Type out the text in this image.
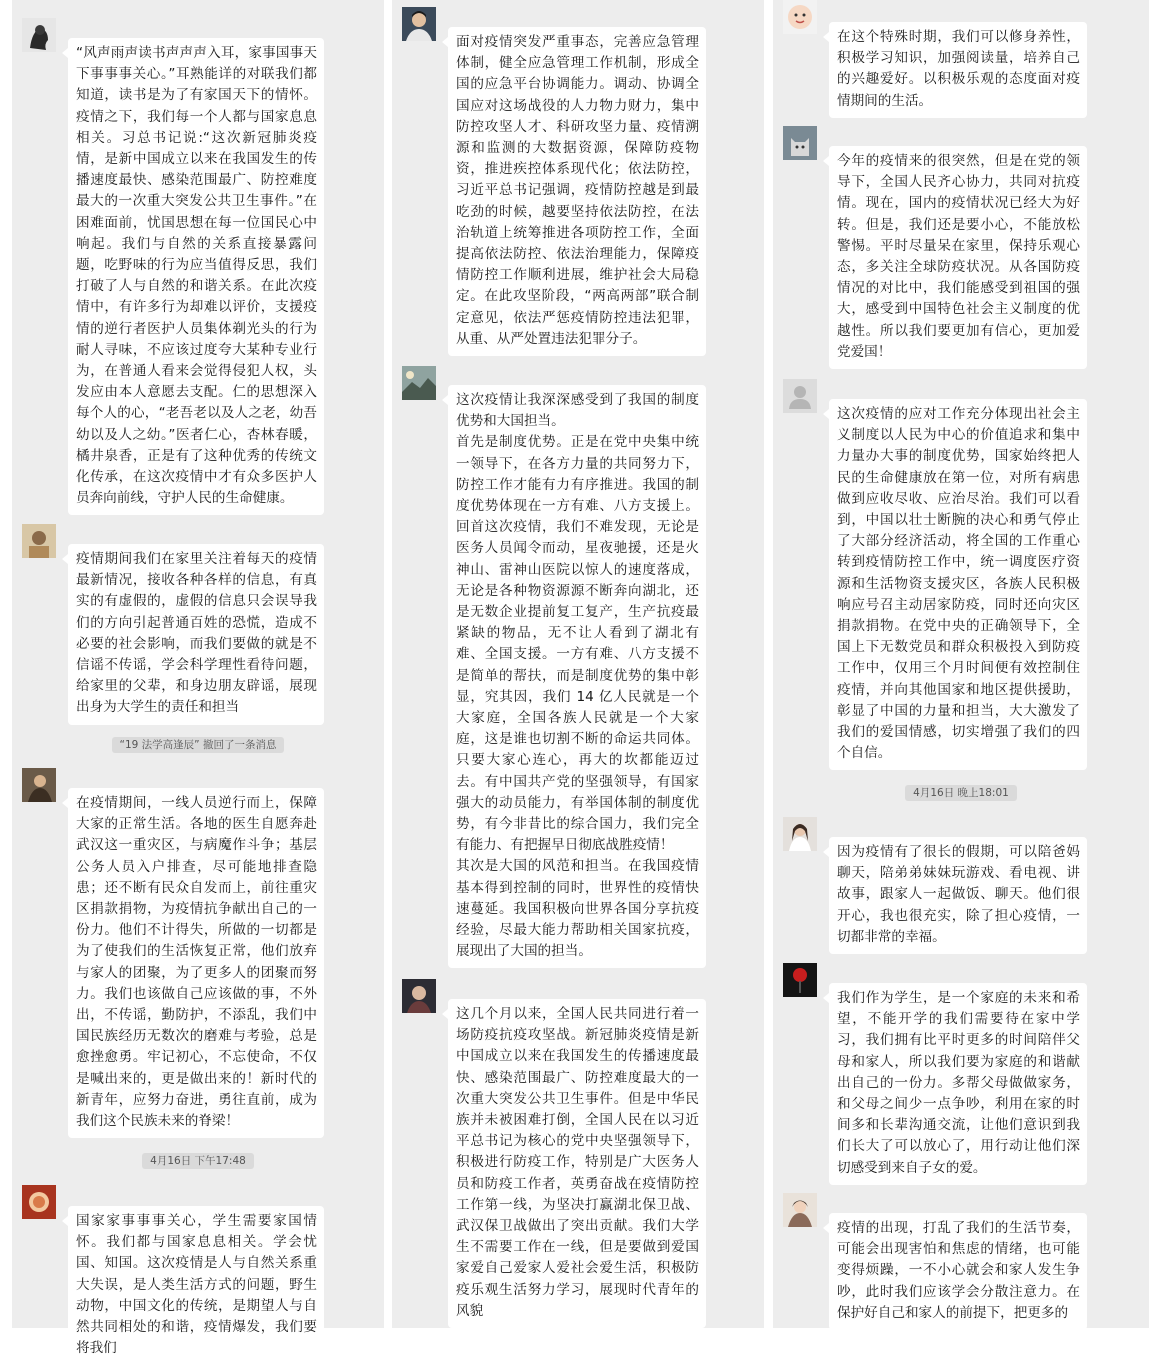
“风声雨声读书声声声入耳，家事国事天下事事事关心。”耳熟能详的对联我们都知道，读书是为了有家国天下的情怀。疫情之下，我们每一个人都与国家息息相关。习总书记说:“这次新冠肺炎疫情，是新中国成立以来在我国发生的传播速度最快、感染范围最广、防控难度最大的一次重大突发公共卫生事件。”在困难面前，忧国思想在每一位国民心中响起。我们与自然的关系直接暴露问题，吃野味的行为应当值得反思，我们打破了人与自然的和谐关系。在此次疫情中，有许多行为却难以评价，支援疫情的逆行者医护人员集体剃光头的行为耐人寻味，不应该过度夸大某种专业行为，在普通人看来会觉得侵犯人权，头发应由本人意愿去支配。仁的思想深入每个人的心，“老吾老以及人之老，幼吾幼以及人之幼。”医者仁心，杏林春暖，橘井泉香，正是有了这种优秀的传统文化传承，在这次疫情中才有众多医护人员奔向前线，守护人民的生命健康。
疫情期间我们在家里关注着每天的疫情最新情况，接收各种各样的信息，有真实的有虚假的，虚假的信息只会误导我们的方向引起普通百姓的恐慌，造成不必要的社会影响，而我们要做的就是不信谣不传谣，学会科学理性看待问题，给家里的父辈，和身边朋友辟谣，展现出身为大学生的责任和担当
“19 法学高逢辰” 撤回了一条消息
在疫情期间，一线人员逆行而上，保障大家的正常生活。各地的医生自愿奔赴武汉这一重灾区，与病魔作斗争；基层公务人员入户排查，尽可能地排查隐患；还不断有民众自发而上，前往重灾区捐款捐物，为疫情抗争献出自己的一份力。他们不计得失，所做的一切都是为了使我们的生活恢复正常，他们放弃与家人的团聚，为了更多人的团聚而努力。我们也该做自己应该做的事，不外出，不传谣，勤防护，不添乱，我们中国民族经历无数次的磨难与考验，总是愈挫愈勇。牢记初心，不忘使命，不仅是喊出来的，更是做出来的！新时代的新青年，应努力奋进，勇往直前，成为我们这个民族未来的脊梁！
4月16日 下午17:48
国家家事事事关心，学生需要家国情怀。我们都与国家息息相关。学会忧国、知国。这次疫情是人与自然关系重大失误，是人类生活方式的问题，野生动物，中国文化的传统，是期望人与自然共同相处的和谐，疫情爆发，我们要将我们
面对疫情突发严重事态，完善应急管理体制，健全应急管理工作机制，形成全国的应急平台协调能力。调动、协调全国应对这场战役的人力物力财力，集中防控攻坚人才、科研攻坚力量、疫情溯源和监测的大数据资源，保障防疫物资，推进疾控体系现代化；依法防控，习近平总书记强调，疫情防控越是到最吃劲的时候，越要坚持依法防控，在法治轨道上统筹推进各项防控工作，全面提高依法防控、依法治理能力，保障疫情防控工作顺利进展，维护社会大局稳定。在此攻坚阶段，“两高两部”联合制定意见，依法严惩疫情防控违法犯罪，从重、从严处置违法犯罪分子。
这次疫情让我深深感受到了我国的制度优势和大国担当。
首先是制度优势。正是在党中央集中统一领导下，在各方力量的共同努力下，防控工作才能有力有序推进。我国的制度优势体现在一方有难、八方支援上。回首这次疫情，我们不难发现，无论是医务人员闻令而动，星夜驰援，还是火神山、雷神山医院以惊人的速度落成，无论是各种物资源源不断奔向湖北，还是无数企业提前复工复产，生产抗疫最紧缺的物品，无不让人看到了湖北有难、全国支援。一方有难、八方支援不是简单的帮扶，而是制度优势的集中彰显，究其因，我们 14 亿人民就是一个大家庭，全国各族人民就是一个大家庭，这是谁也切割不断的命运共同体。只要大家心连心，再大的坎都能迈过去。有中国共产党的坚强领导，有国家强大的动员能力，有举国体制的制度优势，有今非昔比的综合国力，我们完全有能力、有把握早日彻底战胜疫情！
其次是大国的风范和担当。在我国疫情基本得到控制的同时，世界性的疫情快速蔓延。我国积极向世界各国分享抗疫经验，尽最大能力帮助相关国家抗疫，展现出了大国的担当。
这几个月以来，全国人民共同进行着一场防疫抗疫攻坚战。新冠肺炎疫情是新中国成立以来在我国发生的传播速度最快、感染范围最广、防控难度最大的一次重大突发公共卫生事件。但是中华民族并未被困难打倒，全国人民在以习近平总书记为核心的党中央坚强领导下，积极进行防疫工作，特别是广大医务人员和防疫工作者，英勇奋战在疫情防控工作第一线，为坚决打赢湖北保卫战、武汉保卫战做出了突出贡献。我们大学生不需要工作在一线，但是要做到爱国家爱自己爱家人爱社会爱生活，积极防疫乐观生活努力学习，展现时代青年的风貌
在这个特殊时期，我们可以修身养性，积极学习知识，加强阅读量，培养自己的兴趣爱好。以积极乐观的态度面对疫情期间的生活。
今年的疫情来的很突然，但是在党的领导下，全国人民齐心协力，共同对抗疫情。现在，国内的疫情状况已经大为好转。但是，我们还是要小心，不能放松警惕。平时尽量呆在家里，保持乐观心态，多关注全球防疫状况。从各国防疫情况的对比中，我们能感受到祖国的强大，感受到中国特色社会主义制度的优越性。所以我们要更加有信心，更加爱党爱国！
这次疫情的应对工作充分体现出社会主义制度以人民为中心的价值追求和集中力量办大事的制度优势，国家始终把人民的生命健康放在第一位，对所有病患做到应收尽收、应治尽治。我们可以看到，中国以壮士断腕的决心和勇气停止了大部分经济活动，将全国的工作重心转到疫情防控工作中，统一调度医疗资源和生活物资支援灾区，各族人民积极响应号召主动居家防疫，同时还向灾区捐款捐物。在党中央的正确领导下，全国上下无数党员和群众积极投入到防疫工作中，仅用三个月时间便有效控制住疫情，并向其他国家和地区提供援助，彰显了中国的力量和担当，大大激发了我们的爱国情感，切实增强了我们的四个自信。
4月16日 晚上18:01
因为疫情有了很长的假期，可以陪爸妈聊天，陪弟弟妹妹玩游戏、看电视、讲故事，跟家人一起做饭、聊天。他们很开心，我也很充实，除了担心疫情，一切都非常的幸福。
我们作为学生，是一个家庭的未来和希望，不能开学的我们需要待在家中学习，我们拥有比平时更多的时间陪伴父母和家人，所以我们要为家庭的和谐献出自己的一份力。多帮父母做做家务，和父母之间少一点争吵，利用在家的时间多和长辈沟通交流，让他们意识到我们长大了可以放心了，用行动让他们深切感受到来自子女的爱。
疫情的出现，打乱了我们的生活节奏，可能会出现害怕和焦虑的情绪，也可能变得烦躁，一不小心就会和家人发生争吵，此时我们应该学会分散注意力。在保护好自己和家人的前提下，把更多的
